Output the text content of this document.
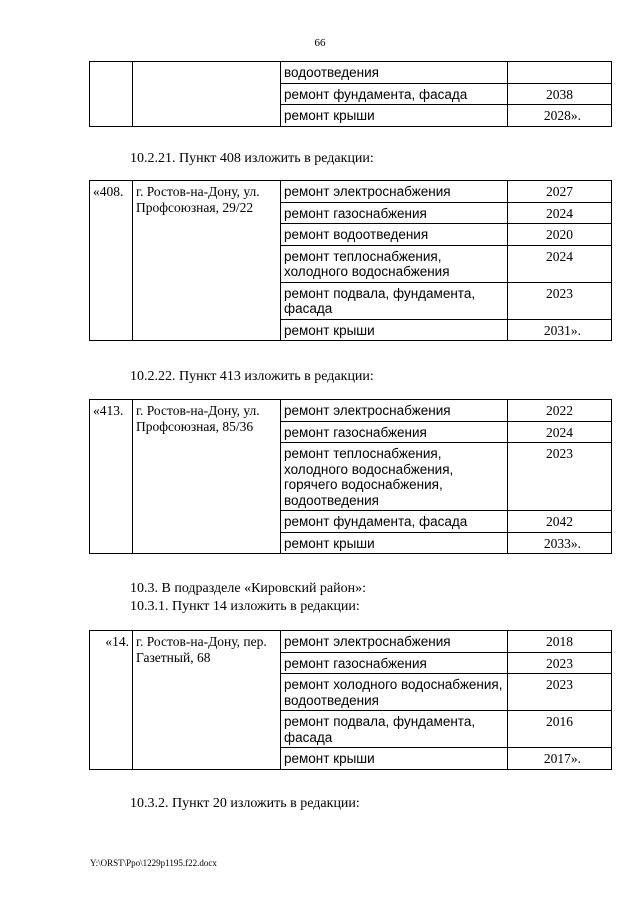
66
		водоотведения	
		ремонт фундамента, фасада	2038
		ремонт крыши	2028».
10.2.21. Пункт 408 изложить в редакции:
«408.	г. Ростов-на-Дону, ул. Профсоюзная, 29/22	ремонт электроснабжения	2027
		ремонт газоснабжения	2024
		ремонт водоотведения	2020
		ремонт теплоснабжения, холодного водоснабжения	2024
		ремонт подвала, фундамента, фасада	2023
		ремонт крыши	2031».
10.2.22. Пункт 413 изложить в редакции:
«413.	г. Ростов-на-Дону, ул. Профсоюзная, 85/36	ремонт электроснабжения	2022
		ремонт газоснабжения	2024
		ремонт теплоснабжения, холодного водоснабжения, горячего водоснабжения, водоотведения	2023
		ремонт фундамента, фасада	2042
		ремонт крыши	2033».
10.3. В подразделе «Кировский район»:
10.3.1. Пункт 14 изложить в редакции:
«14.	г. Ростов-на-Дону, пер. Газетный, 68	ремонт электроснабжения	2018
		ремонт газоснабжения	2023
		ремонт холодного водоснабжения, водоотведения	2023
		ремонт подвала, фундамента, фасада	2016
		ремонт крыши	2017».
10.3.2. Пункт 20 изложить в редакции:
Y:\ORST\Ppo\1229p1195.f22.docx
